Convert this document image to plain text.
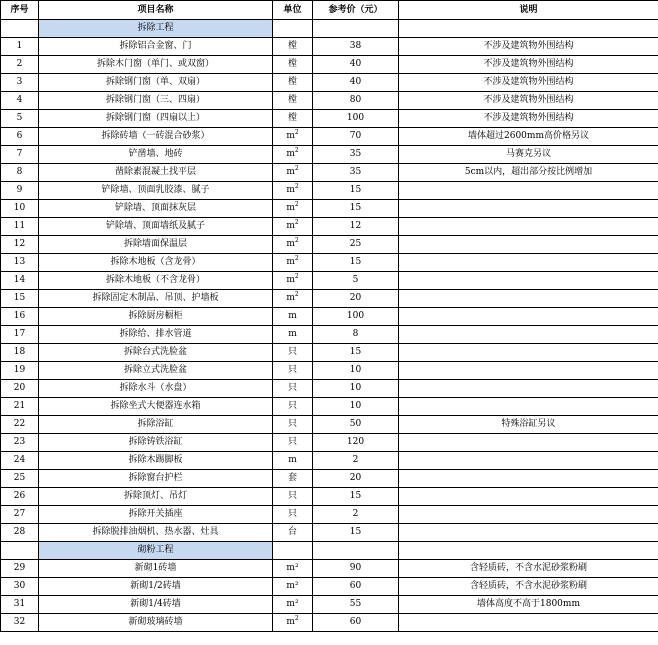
序号	项目名称	单位	参考价（元）	说明
	拆除工程			
1	拆除铝合金窗、门	樘	38	不涉及建筑物外围结构
2	拆除木门窗（单门、或双窗）	樘	40	不涉及建筑物外围结构
3	拆除钢门窗（单、双扇）	樘	40	不涉及建筑物外围结构
4	拆除钢门窗（三、四扇）	樘	80	不涉及建筑物外围结构
5	拆除钢门窗（四扇以上）	樘	100	不涉及建筑物外围结构
6	拆除砖墙（一砖混合砂浆）	$m^2$	70	墙体超过2600mm高价格另议
7	铲凿墙、地砖	$m^2$	35	马赛克另议
8	凿除素混凝土找平层	$m^2$	35	5cm以内，超出部分按比例增加
9	铲除墙、顶面乳胶漆、腻子	$m^2$	15	
10	铲除墙、顶面抹灰层	$m^2$	15	
11	铲除墙、顶面墙纸及腻子	$m^2$	12	
12	拆除墙面保温层	$m^2$	25	
13	拆除木地板（含龙骨）	$m^2$	15	
14	拆除木地板（不含龙骨）	$m^2$	5	
15	拆除固定木制品、吊顶、护墙板	$m^2$	20	
16	拆除厨房橱柜	m	100	
17	拆除给、排水管道	m	8	
18	拆除台式洗脸盆	只	15	
19	拆除立式洗脸盆	只	10	
20	拆除水斗（水盘）	只	10	
21	拆除坐式大便器连水箱	只	10	
22	拆除浴缸	只	50	特殊浴缸另议
23	拆除铸铁浴缸	只	120	
24	拆除木踢脚板	m	2	
25	拆除窗台护栏	套	20	
26	拆除顶灯、吊灯	只	15	
27	拆除开关插座	只	2	
28	拆除脱排油烟机、热水器、灶具	台	15	
	砌粉工程			
29	新砌1砖墙	m²	90	含轻质砖，不含水泥砂浆粉刷
30	新砌1/2砖墙	m²	60	含轻质砖，不含水泥砂浆粉刷
31	新砌1/4砖墙	m²	55	墙体高度不高于1800mm
32	新砌玻璃砖墙	$m^2$	60	
